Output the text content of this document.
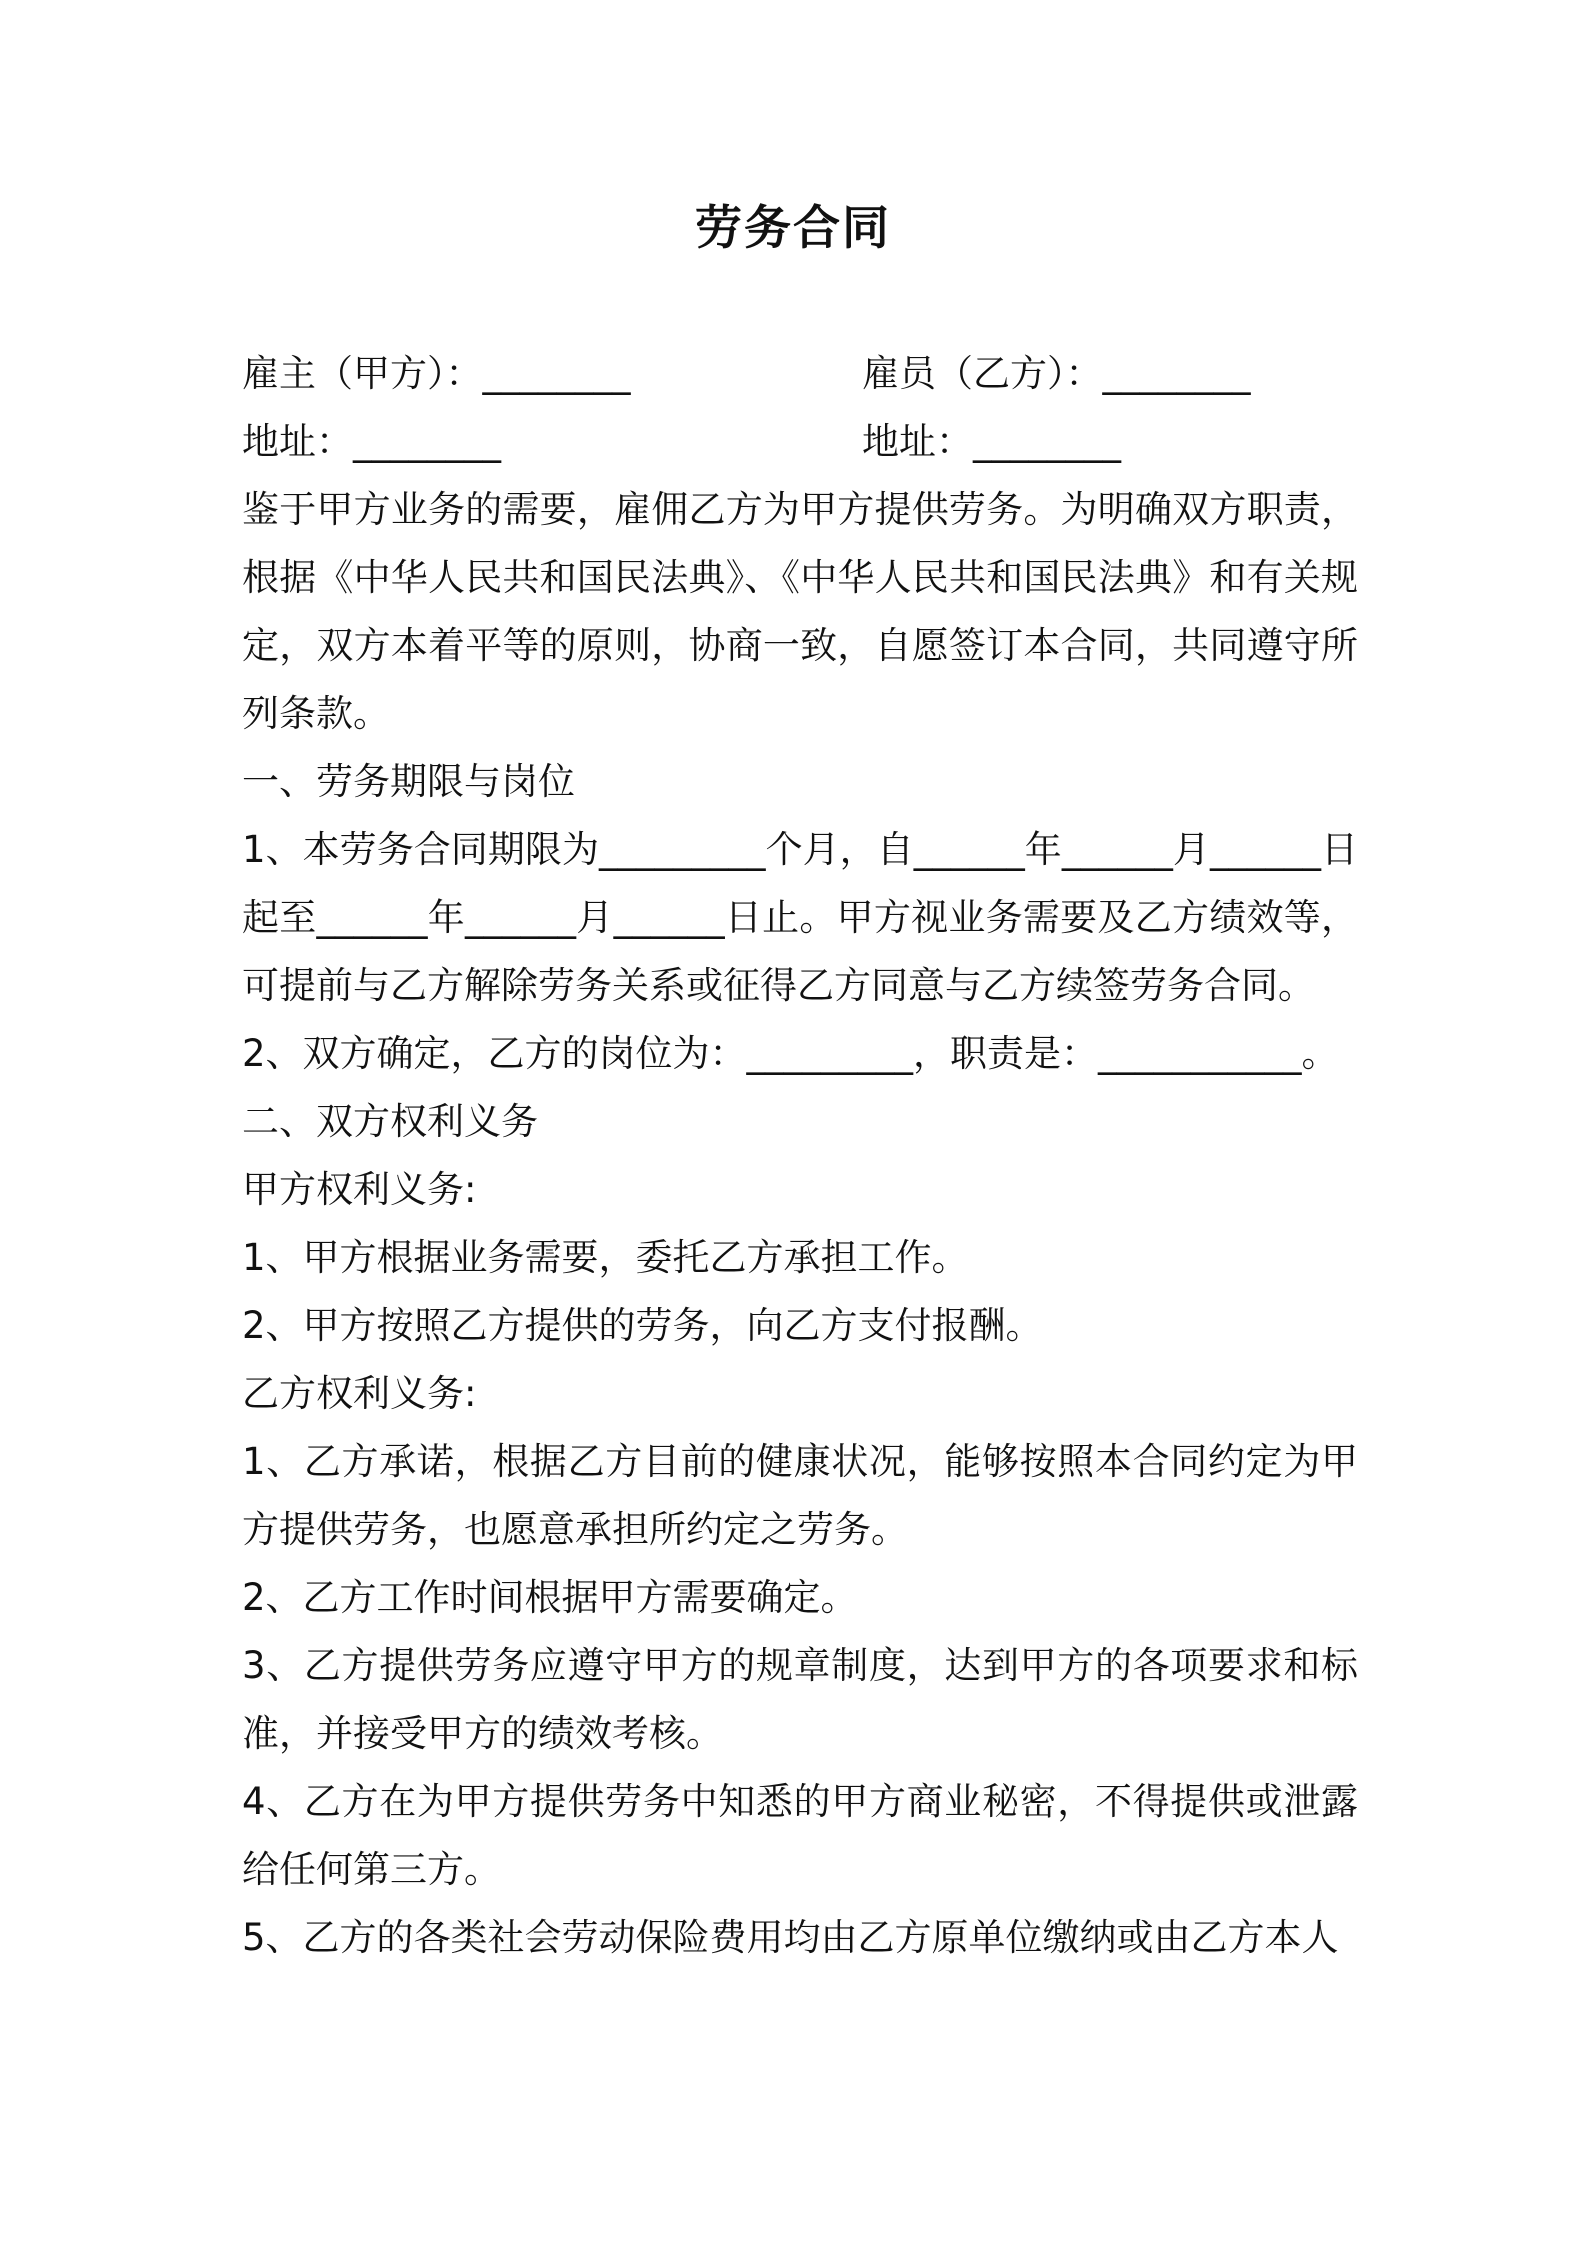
劳务合同
雇主（甲方）：________	雇员（乙方）：________
地址：________	地址：________
鉴于甲方业务的需要，雇佣乙方为甲方提供劳务。为明确双方职责，根据《中华人民共和国民法典》、《中华人民共和国民法典》和有关规定，双方本着平等的原则，协商一致，自愿签订本合同，共同遵守所列条款。
一、劳务期限与岗位
1、本劳务合同期限为_________个月，自______年______月______日起至______年______月______日止。甲方视业务需要及乙方绩效等，可提前与乙方解除劳务关系或征得乙方同意与乙方续签劳务合同。
2、双方确定，乙方的岗位为：_________，职责是：___________。
二、双方权利义务
甲方权利义务:
1、甲方根据业务需要，委托乙方承担工作。
2、甲方按照乙方提供的劳务，向乙方支付报酬。
乙方权利义务:
1、乙方承诺，根据乙方目前的健康状况，能够按照本合同约定为甲方提供劳务，也愿意承担所约定之劳务。
2、乙方工作时间根据甲方需要确定。
3、乙方提供劳务应遵守甲方的规章制度，达到甲方的各项要求和标准，并接受甲方的绩效考核。
4、乙方在为甲方提供劳务中知悉的甲方商业秘密，不得提供或泄露给任何第三方。
5、乙方的各类社会劳动保险费用均由乙方原单位缴纳或由乙方本人
